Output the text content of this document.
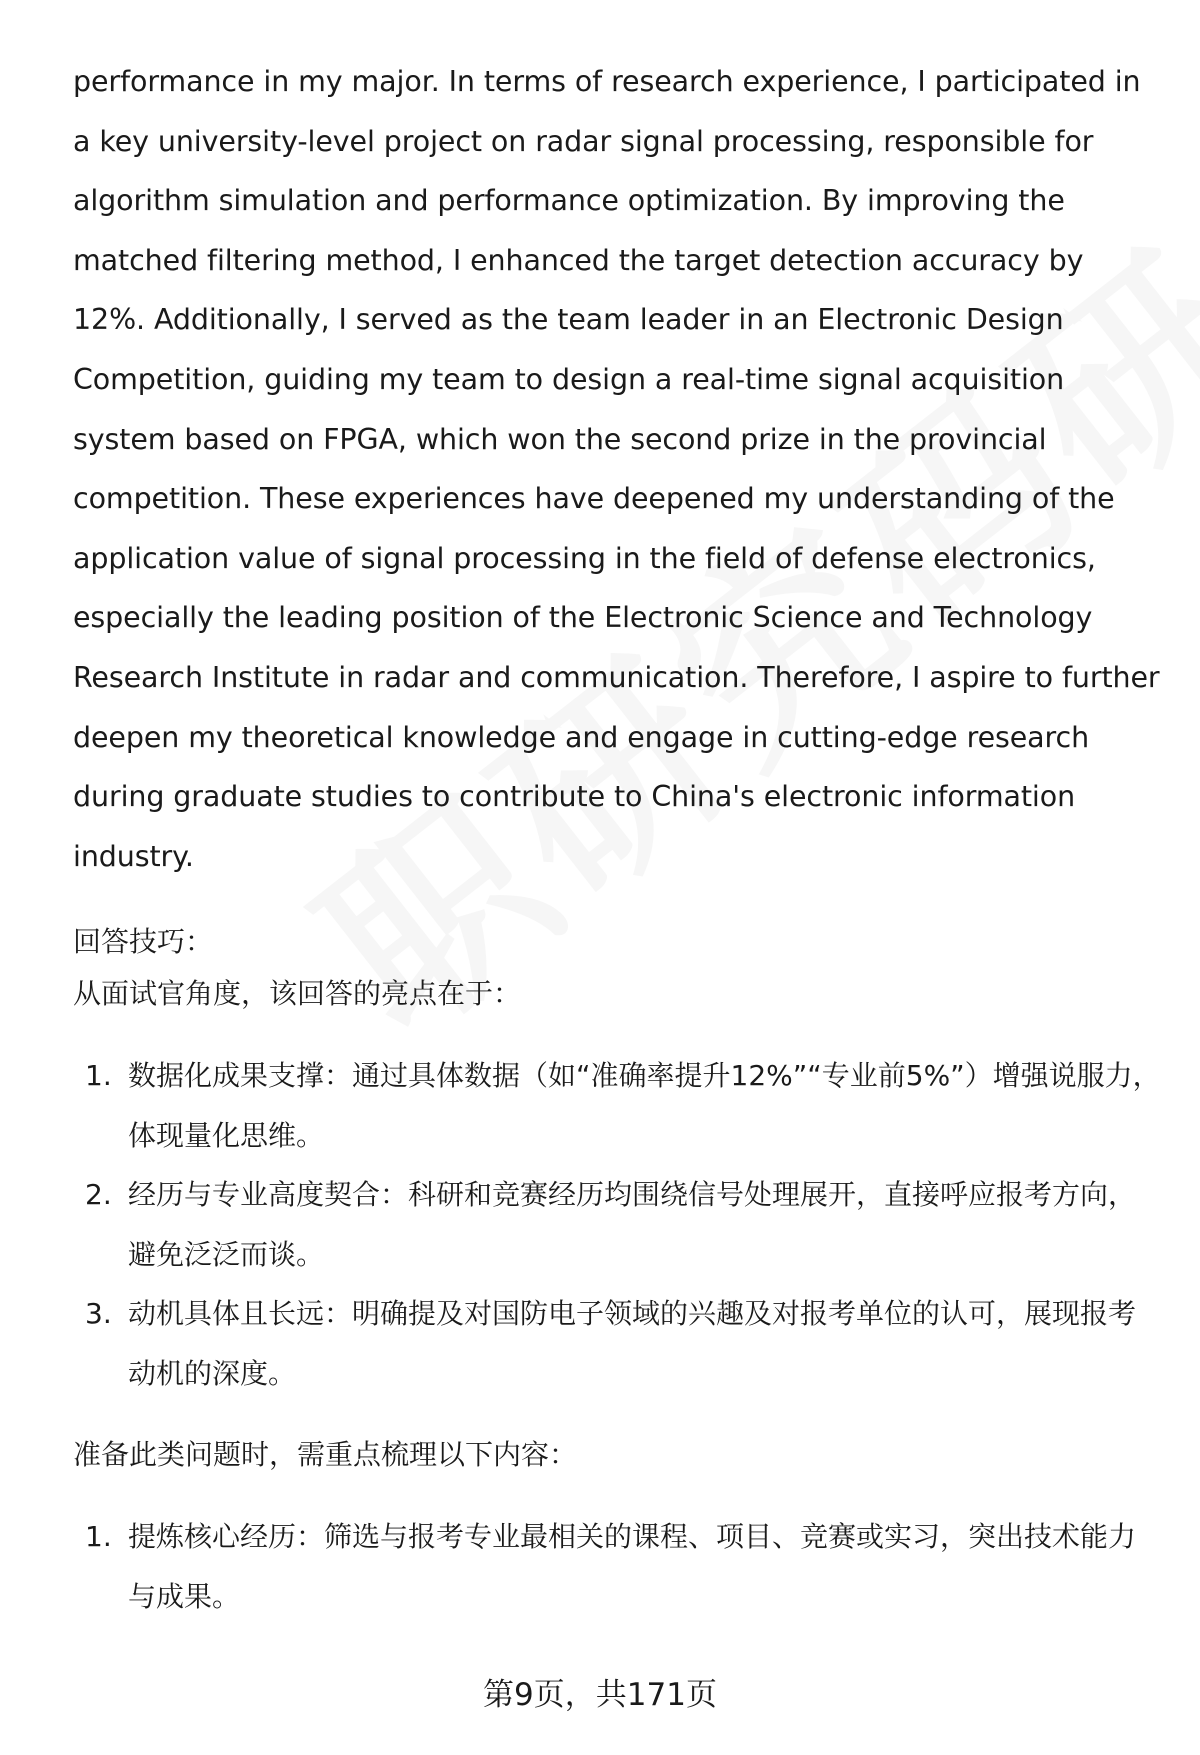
performance in my major. In terms of research experience, I participated in a key university-level project on radar signal processing, responsible for algorithm simulation and performance optimization. By improving the matched filtering method, I enhanced the target detection accuracy by 12%. Additionally, I served as the team leader in an Electronic Design Competition, guiding my team to design a real-time signal acquisition system based on FPGA, which won the second prize in the provincial competition. These experiences have deepened my understanding of the application value of signal processing in the field of defense electronics, especially the leading position of the Electronic Science and Technology Research Institute in radar and communication. Therefore, I aspire to further deepen my theoretical knowledge and engage in cutting-edge research during graduate studies to contribute to China's electronic information industry.

回答技巧：

从面试官角度，该回答的亮点在于：

1. 数据化成果支撑：通过具体数据（如“准确率提升12%”“专业前5%”）增强说服力，体现量化思维。
2. 经历与专业高度契合：科研和竞赛经历均围绕信号处理展开，直接呼应报考方向，避免泛泛而谈。
3. 动机具体且长远：明确提及对国防电子领域的兴趣及对报考单位的认可，展现报考动机的深度。

准备此类问题时，需重点梳理以下内容：

1. 提炼核心经历：筛选与报考专业最相关的课程、项目、竞赛或实习，突出技术能力与成果。
第9页，共171页
